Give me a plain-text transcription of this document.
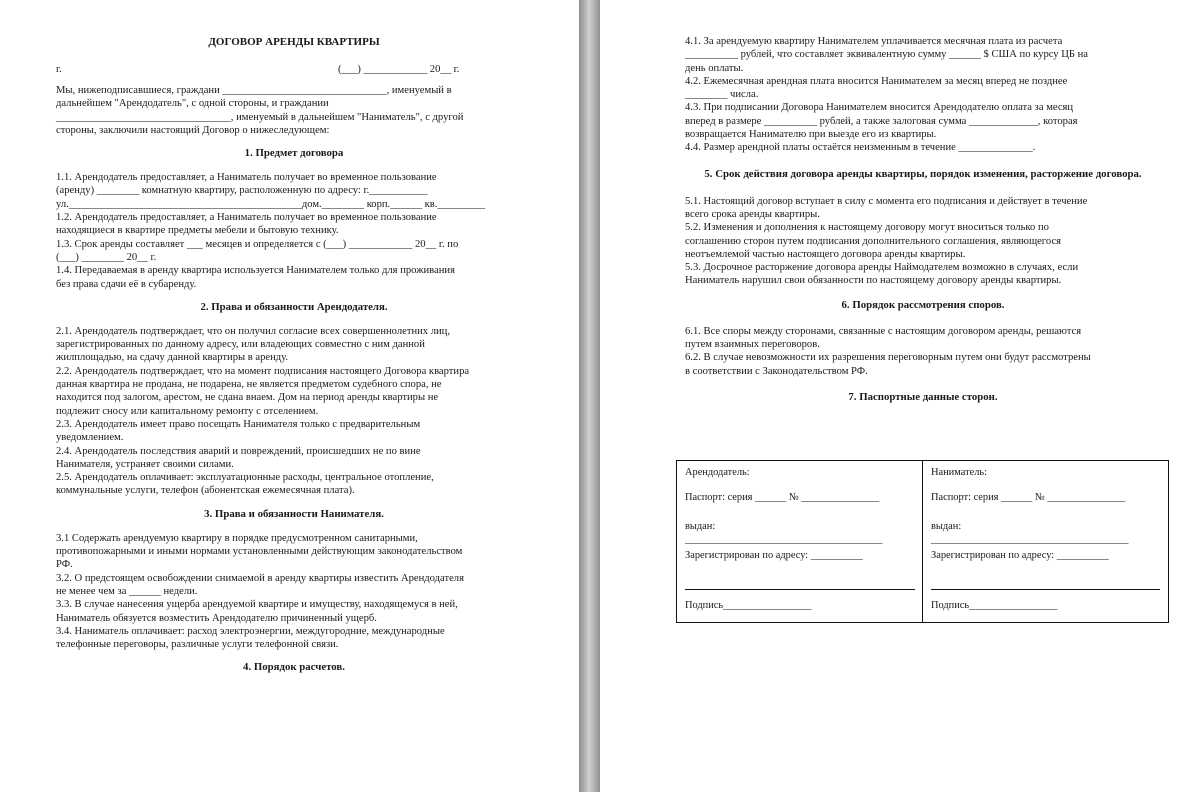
ДОГОВОР АРЕНДЫ КВАРТИРЫ
г.	(___) ____________ 20__ г.

Мы, нижеподписавшиеся, граждани _______________________________, именуемый в

дальнейшем "Арендодатель", с одной стороны, и граждании

_________________________________, именуемый в дальнейшем "Наниматель", с другой

стороны, заключили настоящий Договор о нижеследующем:

1. Предмет договора

1.1. Арендодатель предоставляет, а Наниматель получает во временное пользование

(аренду) ________ комнатную квартиру, расположенную по адресу: г.___________

ул.____________________________________________дом.________ корп.______ кв._________

1.2. Арендодатель предоставляет, а Наниматель получает во временное пользование

находящиеся в квартире предметы мебели и бытовую технику.

1.3. Срок аренды составляет ___ месяцев и определяется с (___) ____________ 20__ г. по

(___) ________ 20__ г.

1.4. Передаваемая в аренду квартира используется Нанимателем только для проживания

без права сдачи её в субаренду.

2. Права и обязанности Арендодателя.

2.1. Арендодатель подтверждает, что он получил согласие всех совершеннолетних лиц,

зарегистрированных по данному адресу, или владеющих совместно с ним данной

жилплощадью, на сдачу данной квартиры в аренду.

2.2. Арендодатель подтверждает, что на момент подписания настоящего Договора квартира

данная квартира не продана, не подарена, не является предметом судебного спора, не

находится под залогом, арестом, не сдана внаем. Дом на период аренды квартиры не

подлежит сносу или капитальному ремонту с отселением.

2.3. Арендодатель имеет право посещать Нанимателя только с предварительным

уведомлением.

2.4. Арендодатель последствия аварий и повреждений, происшедших не по вине

Нанимателя, устраняет своими силами.

2.5. Арендодатель оплачивает: эксплуатационные расходы, центральное отопление,

коммунальные услуги, телефон (абонентская ежемесячная плата).

3. Права и обязанности Нанимателя.

3.1 Содержать арендуемую квартиру в порядке предусмотренном санитарными,

противопожарными и иными нормами установленными действующим законодательством

РФ.

3.2. О предстоящем освобождении снимаемой в аренду квартиры известить Арендодателя

не менее чем за ______ недели.

3.3. В случае нанесения ущерба арендуемой квартире и имуществу, находящемуся в ней,

Наниматель обязуется возместить Арендодателю причиненный ущерб.

3.4. Наниматель оплачивает: расход электроэнергии, междугородние, международные

телефонные переговоры, различные услуги телефонной связи.

4. Порядок расчетов.

4.1. За арендуемую квартиру Нанимателем уплачивается месячная плата из расчета

__________ рублей, что составляет эквивалентную сумму ______ $ США по курсу ЦБ на

день оплаты.

4.2. Ежемесячная арендная плата вносится Нанимателем за месяц вперед не позднее

________ числа.

4.3. При подписании Договора Нанимателем вносится Арендодателю оплата за месяц

вперед в размере __________ рублей, а также залоговая сумма _____________, которая

возвращается Нанимателю при выезде его из квартиры.

4.4. Размер арендной платы остаётся неизменным в течение ______________.

5. Срок действия договора аренды квартиры, порядок изменения, расторжение договора.

5.1. Настоящий договор вступает в силу с момента его подписания и действует в течение

всего срока аренды квартиры.

5.2. Изменения и дополнения к настоящему договору могут вноситься только по

соглашению сторон путем подписания дополнительного соглашения, являющегося

неотъемлемой частью настоящего договора аренды квартиры.

5.3. Досрочное расторжение договора аренды Наймодателем возможно в случаях, если

Наниматель нарушил свои обязанности по настоящему договору аренды квартиры.

6. Порядок рассмотрения споров.

6.1. Все споры между сторонами, связанные с настоящим договором аренды, решаются

путем взаимных переговоров.

6.2. В случае невозможности их разрешения переговорным путем они будут рассмотрены

в соответствии с Законодательством РФ.

7. Паспортные данные сторон.
Арендодатель:
Паспорт: серия ______ № _______________
выдан: ______________________________________
Зарегистрирован по адресу: __________
Подпись_________________
Наниматель:
Паспорт: серия ______ № _______________
выдан: ______________________________________
Зарегистрирован по адресу: __________
Подпись_________________
